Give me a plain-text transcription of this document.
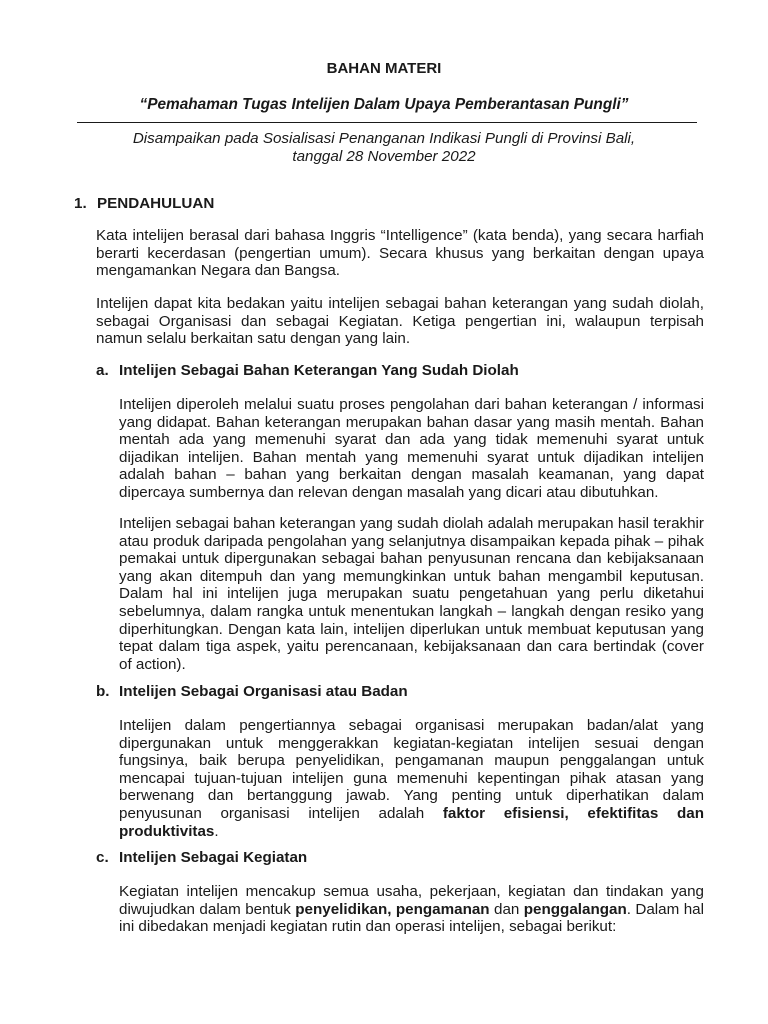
BAHAN MATERI
“Pemahaman Tugas Intelijen Dalam Upaya Pemberantasan Pungli”
Disampaikan pada Sosialisasi Penanganan Indikasi Pungli di Provinsi Bali,
tanggal 28 November 2022
1. PENDAHULUAN

Kata intelijen berasal dari bahasa Inggris “Intelligence” (kata benda), yang secara harfiah berarti kecerdasan (pengertian umum). Secara khusus yang berkaitan dengan upaya mengamankan Negara dan Bangsa.

Intelijen dapat kita bedakan yaitu intelijen sebagai bahan keterangan yang sudah diolah, sebagai Organisasi dan sebagai Kegiatan. Ketiga pengertian ini, walaupun terpisah namun selalu berkaitan satu dengan yang lain.

a. Intelijen Sebagai Bahan Keterangan Yang Sudah Diolah

Intelijen diperoleh melalui suatu proses pengolahan dari bahan keterangan / informasi yang didapat. Bahan keterangan merupakan bahan dasar yang masih mentah. Bahan mentah ada yang memenuhi syarat dan ada yang tidak memenuhi syarat untuk dijadikan intelijen. Bahan mentah yang memenuhi syarat untuk dijadikan intelijen adalah bahan – bahan yang berkaitan dengan masalah keamanan, yang dapat dipercaya sumbernya dan relevan dengan masalah yang dicari atau dibutuhkan.

Intelijen sebagai bahan keterangan yang sudah diolah adalah merupakan hasil terakhir atau produk daripada pengolahan yang selanjutnya disampaikan kepada pihak – pihak pemakai untuk dipergunakan sebagai bahan penyusunan rencana dan kebijaksanaan yang akan ditempuh dan yang memungkinkan untuk bahan mengambil keputusan. Dalam hal ini intelijen juga merupakan suatu pengetahuan yang perlu diketahui sebelumnya, dalam rangka untuk menentukan langkah – langkah dengan resiko yang diperhitungkan. Dengan kata lain, intelijen diperlukan untuk membuat keputusan yang tepat dalam tiga aspek, yaitu perencanaan, kebijaksanaan dan cara bertindak (cover of action).

b. Intelijen Sebagai Organisasi atau Badan

Intelijen dalam pengertiannya sebagai organisasi merupakan badan/alat yang dipergunakan untuk menggerakkan kegiatan-kegiatan intelijen sesuai dengan fungsinya, baik berupa penyelidikan, pengamanan maupun penggalangan untuk mencapai tujuan-tujuan intelijen guna memenuhi kepentingan pihak atasan yang berwenang dan bertanggung jawab. Yang penting untuk diperhatikan dalam penyusunan organisasi intelijen adalah faktor efisiensi, efektifitas dan produktivitas.

c. Intelijen Sebagai Kegiatan

Kegiatan intelijen mencakup semua usaha, pekerjaan, kegiatan dan tindakan yang diwujudkan dalam bentuk penyelidikan, pengamanan dan penggalangan. Dalam hal ini dibedakan menjadi kegiatan rutin dan operasi intelijen, sebagai berikut:
